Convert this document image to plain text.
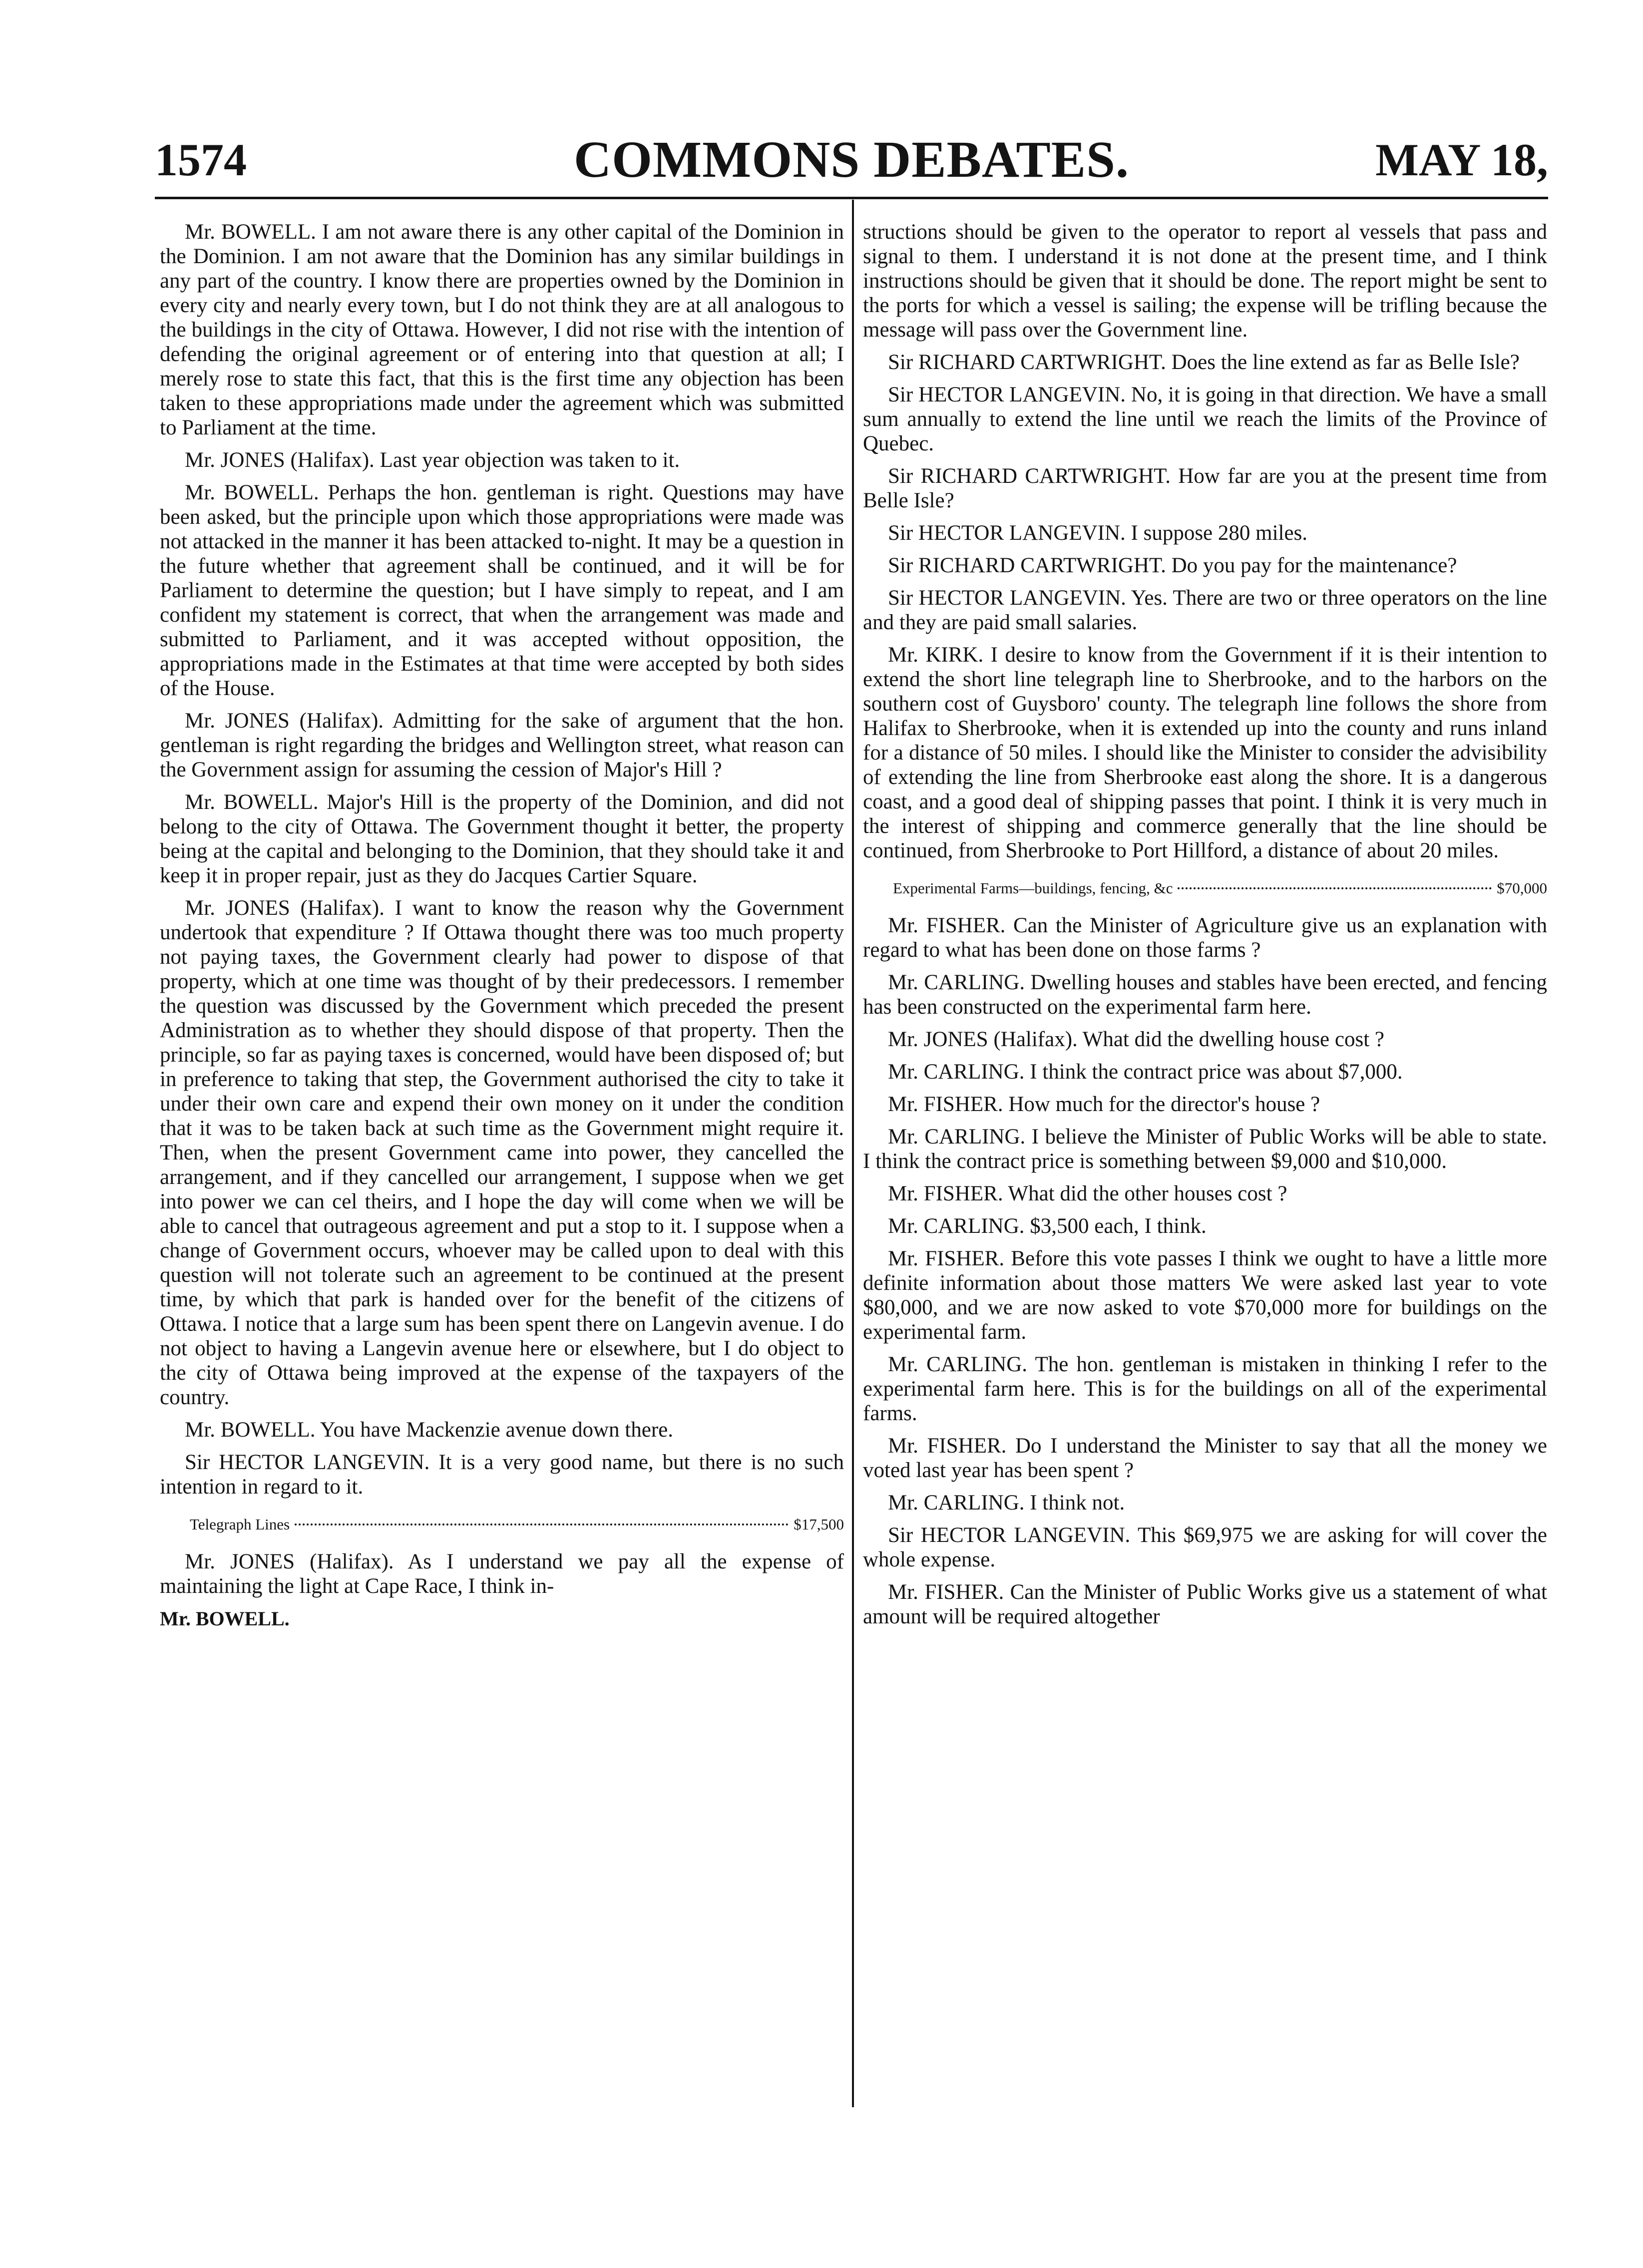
1574	COMMONS DEBATES.	MAY 18,

Mr. BOWELL. I am not aware there is any other capital of the Dominion in the Dominion. I am not aware that the Dominion has any similar buildings in any part of the country. I know there are properties owned by the Dominion in every city and nearly every town, but I do not think they are at all analogous to the buildings in the city of Ottawa. However, I did not rise with the intention of defending the original agreement or of entering into that question at all; I merely rose to state this fact, that this is the first time any objection has been taken to these appropriations made under the agreement which was submitted to Parliament at the time.

Mr. JONES (Halifax). Last year objection was taken to it.

Mr. BOWELL. Perhaps the hon. gentleman is right. Questions may have been asked, but the principle upon which those appropriations were made was not attacked in the manner it has been attacked to-night. It may be a question in the future whether that agreement shall be continued, and it will be for Parliament to determine the question; but I have simply to repeat, and I am confident my statement is correct, that when the arrangement was made and submitted to Parliament, and it was accepted without opposition, the appropriations made in the Estimates at that time were accepted by both sides of the House.

Mr. JONES (Halifax). Admitting for the sake of argument that the hon. gentleman is right regarding the bridges and Wellington street, what reason can the Government assign for assuming the cession of Major's Hill ?

Mr. BOWELL. Major's Hill is the property of the Dominion, and did not belong to the city of Ottawa. The Government thought it better, the property being at the capital and belonging to the Dominion, that they should take it and keep it in proper repair, just as they do Jacques Cartier Square.

Mr. JONES (Halifax). I want to know the reason why the Government undertook that expenditure ? If Ottawa thought there was too much property not paying taxes, the Government clearly had power to dispose of that property, which at one time was thought of by their predecessors. I remember the question was discussed by the Government which preceded the present Administration as to whether they should dispose of that property. Then the principle, so far as paying taxes is concerned, would have been disposed of; but in preference to taking that step, the Government authorised the city to take it under their own care and expend their own money on it under the condition that it was to be taken back at such time as the Government might require it. Then, when the present Government came into power, they cancelled the arrangement, and if they cancelled our arrangement, I suppose when we get into power we can cel theirs, and I hope the day will come when we will be able to cancel that outrageous agreement and put a stop to it. I suppose when a change of Government occurs, whoever may be called upon to deal with this question will not tolerate such an agreement to be continued at the present time, by which that park is handed over for the benefit of the citizens of Ottawa. I notice that a large sum has been spent there on Langevin avenue. I do not object to having a Langevin avenue here or elsewhere, but I do object to the city of Ottawa being improved at the expense of the taxpayers of the country.

Mr. BOWELL. You have Mackenzie avenue down there.

Sir HECTOR LANGEVIN. It is a very good name, but there is no such intention in regard to it.

Telegraph Lines	$17,500

Mr. JONES (Halifax). As I understand we pay all the expense of maintaining the light at Cape Race, I think in-

Mr. BOWELL.

structions should be given to the operator to report al vessels that pass and signal to them. I understand it is not done at the present time, and I think instructions should be given that it should be done. The report might be sent to the ports for which a vessel is sailing; the expense will be trifling because the message will pass over the Government line.

Sir RICHARD CARTWRIGHT. Does the line extend as far as Belle Isle?

Sir HECTOR LANGEVIN. No, it is going in that direction. We have a small sum annually to extend the line until we reach the limits of the Province of Quebec.

Sir RICHARD CARTWRIGHT. How far are you at the present time from Belle Isle?

Sir HECTOR LANGEVIN. I suppose 280 miles.

Sir RICHARD CARTWRIGHT. Do you pay for the maintenance?

Sir HECTOR LANGEVIN. Yes. There are two or three operators on the line and they are paid small salaries.

Mr. KIRK. I desire to know from the Government if it is their intention to extend the short line telegraph line to Sherbrooke, and to the harbors on the southern cost of Guysboro' county. The telegraph line follows the shore from Halifax to Sherbrooke, when it is extended up into the county and runs inland for a distance of 50 miles. I should like the Minister to consider the advisibility of extending the line from Sherbrooke east along the shore. It is a dangerous coast, and a good deal of shipping passes that point. I think it is very much in the interest of shipping and commerce generally that the line should be continued, from Sherbrooke to Port Hillford, a distance of about 20 miles.

Experimental Farms—buildings, fencing, &c	$70,000

Mr. FISHER. Can the Minister of Agriculture give us an explanation with regard to what has been done on those farms ?

Mr. CARLING. Dwelling houses and stables have been erected, and fencing has been constructed on the experimental farm here.

Mr. JONES (Halifax). What did the dwelling house cost ?

Mr. CARLING. I think the contract price was about $7,000.

Mr. FISHER. How much for the director's house ?

Mr. CARLING. I believe the Minister of Public Works will be able to state. I think the contract price is something between $9,000 and $10,000.

Mr. FISHER. What did the other houses cost ?

Mr. CARLING. $3,500 each, I think.

Mr. FISHER. Before this vote passes I think we ought to have a little more definite information about those matters We were asked last year to vote $80,000, and we are now asked to vote $70,000 more for buildings on the experimental farm.

Mr. CARLING. The hon. gentleman is mistaken in thinking I refer to the experimental farm here. This is for the buildings on all of the experimental farms.

Mr. FISHER. Do I understand the Minister to say that all the money we voted last year has been spent ?

Mr. CARLING. I think not.

Sir HECTOR LANGEVIN. This $69,975 we are asking for will cover the whole expense.

Mr. FISHER. Can the Minister of Public Works give us a statement of what amount will be required altogether
